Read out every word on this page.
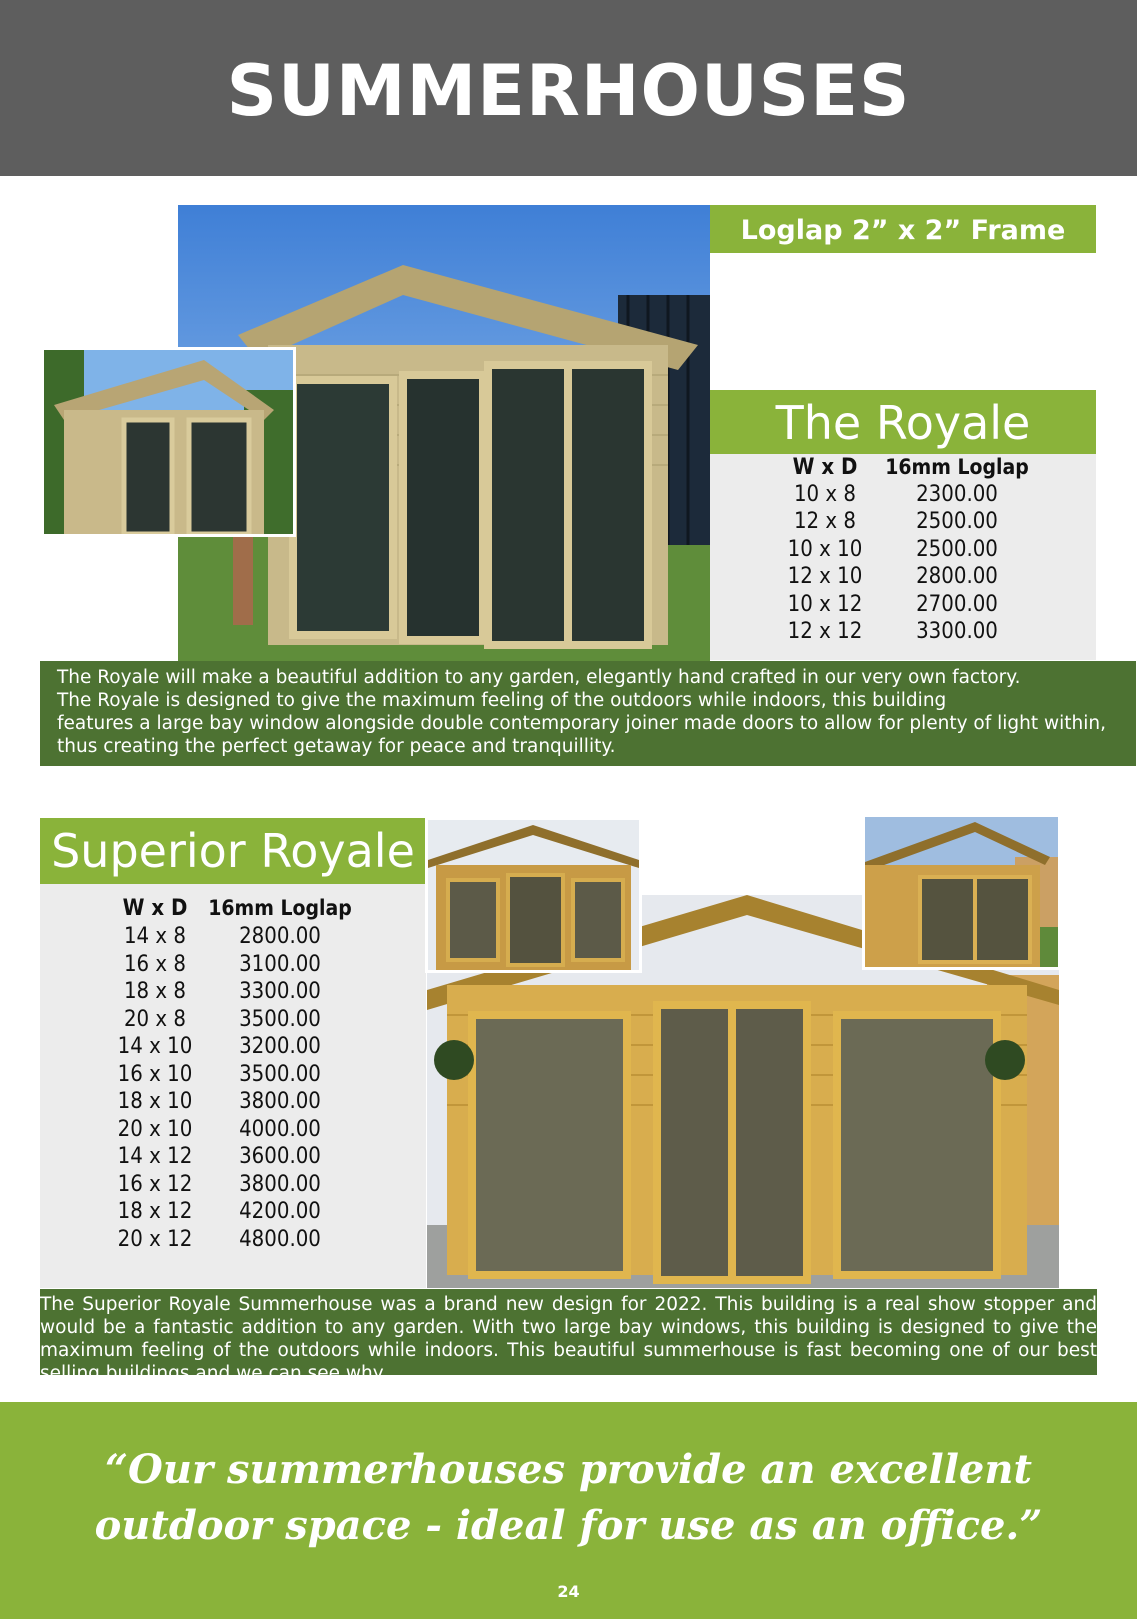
SUMMERHOUSES
Loglap 2” x 2” Frame
The Royale
W x D	16mm Loglap
10 x 8	2300.00
12 x 8	2500.00
10 x 10	2500.00
12 x 10	2800.00
10 x 12	2700.00
12 x 12	3300.00

The Royale will make a beautiful addition to any garden, elegantly hand crafted in our very own factory.
The Royale is designed to give the maximum feeling of the outdoors while indoors, this building
features a large bay window alongside double contemporary joiner made doors to allow for plenty of light within,
thus creating the perfect getaway for peace and tranquillity.

Superior Royale
W x D 16mm Loglap
14 x 8	2800.00
16 x 8	3100.00
18 x 8	3300.00
20 x 8	3500.00
14 x 10	3200.00
16 x 10	3500.00
18 x 10	3800.00
20 x 10	4000.00
14 x 12	3600.00
16 x 12	3800.00
18 x 12	4200.00
20 x 12	4800.00

The Superior Royale Summerhouse was a brand new design for 2022. This building is a real show stopper and would be a fantastic addition to any garden. With two large bay windows, this building is designed to give the maximum feeling of the outdoors while indoors. This beautiful summerhouse is fast becoming one of our best selling buildings and we can see why.

“Our summerhouses provide an excellent
outdoor space - ideal for use as an office.”
24
